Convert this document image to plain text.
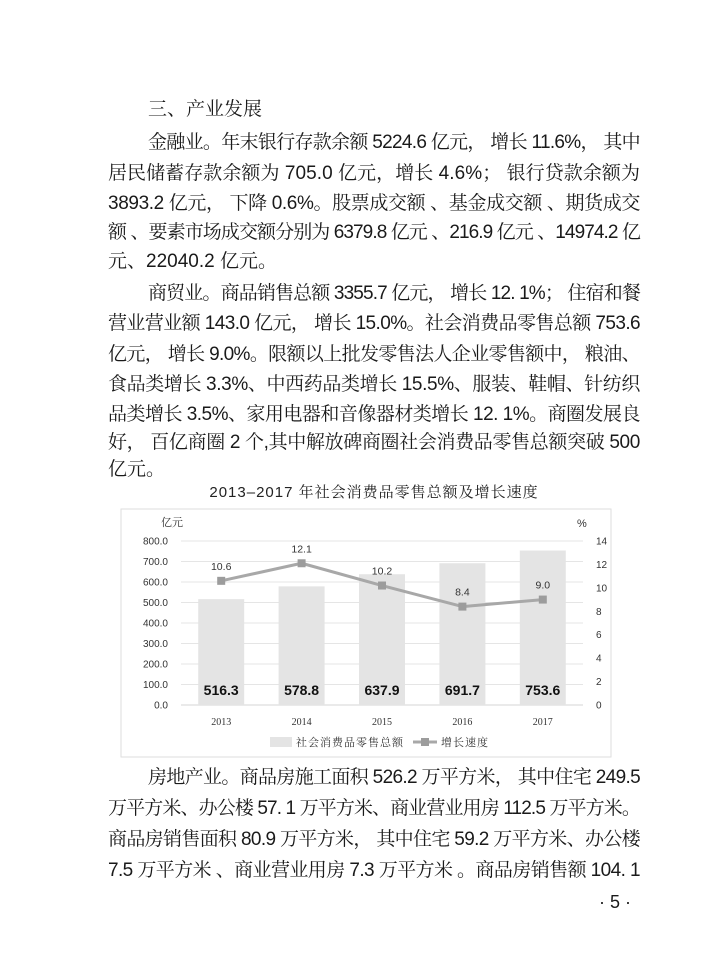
三、产业发展
金融业。年末银行存款余额 5224.6 亿元， 增长 11.6%， 其中
居民储蓄存款余额为 705.0 亿元，增长 4.6%； 银行贷款余额为
3893.2 亿元， 下降 0.6%。股票成交额 、基金成交额 、期货成交
额 、要素市场成交额分别为 6379.8 亿元 、216.9 亿元 、14974.2 亿
元、22040.2 亿元。
商贸业。商品销售总额 3355.7 亿元， 增长 12. 1%； 住宿和餐
营业营业额 143.0 亿元， 增长 15.0%。社会消费品零售总额 753.6
亿元， 增长 9.0%。限额以上批发零售法人企业零售额中， 粮油、
食品类增长 3.3%、中西药品类增长 15.5%、服装、鞋帽、针纺织
品类增长 3.5%、家用电器和音像器材类增长 12. 1%。商圈发展良
好， 百亿商圈 2 个,其中解放碑商圈社会消费品零售总额突破 500
亿元。
2013–2017 年社会消费品零售总额及增长速度
516.3	578.8	637.9	691.7	753.6
10.6
12.1
10.2
8.4
9.0
800.0
700.0
600.0
500.0
400.0
300.0
200.0
100.0
0.0
14
12
10
8
6
4
2
0
2013	2014	2015	2016	2017
亿元	%
社会消费品零售总额	增长速度
房地产业。商品房施工面积 526.2 万平方米， 其中住宅 249.5
万平方米、办公楼 57. 1 万平方米、商业营业用房 112.5 万平方米。
商品房销售面积 80.9 万平方米， 其中住宅 59.2 万平方米、办公楼
7.5 万平方米 、商业营业用房 7.3 万平方米 。商品房销售额 104. 1
· 5 ·
